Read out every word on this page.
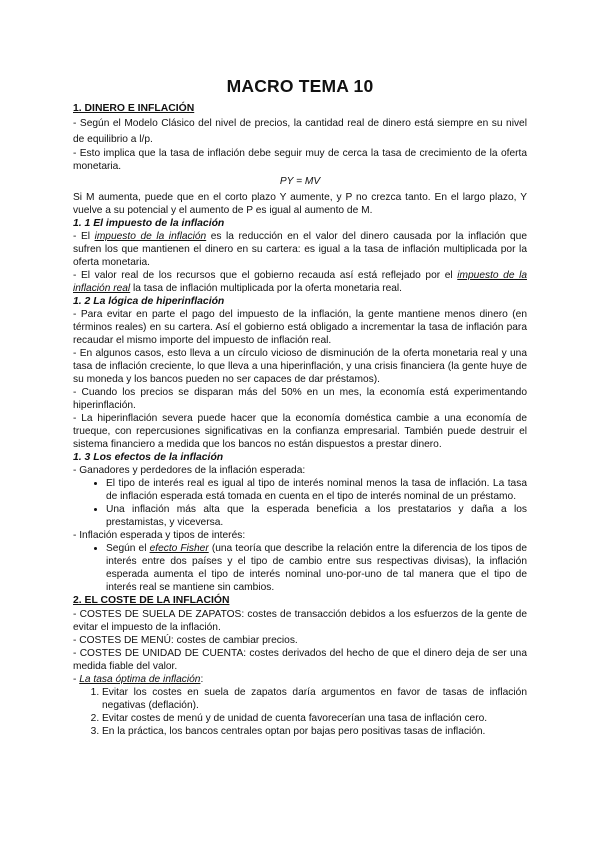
MACRO TEMA 10
1. DINERO E INFLACIÓN

- Según el Modelo Clásico del nivel de precios, la cantidad real de dinero está siempre en su nivel de equilibrio a l/p.

- Esto implica que la tasa de inflación debe seguir muy de cerca la tasa de crecimiento de la oferta monetaria.

PY = MV

Si M aumenta, puede que en el corto plazo Y aumente, y P no crezca tanto. En el largo plazo, Y vuelve a su potencial y el aumento de P es igual al aumento de M.

1. 1 El impuesto de la inflación

- El impuesto de la inflación es la reducción en el valor del dinero causada por la inflación que sufren los que mantienen el dinero en su cartera: es igual a la tasa de inflación multiplicada por la oferta monetaria.

- El valor real de los recursos que el gobierno recauda así está reflejado por el impuesto de la inflación real la tasa de inflación multiplicada por la oferta monetaria real.

1. 2 La lógica de hiperinflación

- Para evitar en parte el pago del impuesto de la inflación, la gente mantiene menos dinero (en términos reales) en su cartera. Así el gobierno está obligado a incrementar la tasa de inflación para recaudar el mismo importe del impuesto de inflación real.

- En algunos casos, esto lleva a un círculo vicioso de disminución de la oferta monetaria real y una tasa de inflación creciente, lo que lleva a una hiperinflación, y una crisis financiera (la gente huye de su moneda y los bancos pueden no ser capaces de dar préstamos).

- Cuando los precios se disparan más del 50% en un mes, la economía está experimentando hiperinflación.

- La hiperinflación severa puede hacer que la economía doméstica cambie a una economía de trueque, con repercusiones significativas en la confianza empresarial. También puede destruir el sistema financiero a medida que los bancos no están dispuestos a prestar dinero.

1. 3 Los efectos de la inflación

- Ganadores y perdedores de la inflación esperada:

• El tipo de interés real es igual al tipo de interés nominal menos la tasa de inflación. La tasa de inflación esperada está tomada en cuenta en el tipo de interés nominal de un préstamo.
• Una inflación más alta que la esperada beneficia a los prestatarios y daña a los prestamistas, y viceversa.

- Inflación esperada y tipos de interés:

• Según el efecto Fisher (una teoría que describe la relación entre la diferencia de los tipos de interés entre dos países y el tipo de cambio entre sus respectivas divisas), la inflación esperada aumenta el tipo de interés nominal uno-por-uno de tal manera que el tipo de interés real se mantiene sin cambios.
2. EL COSTE DE LA INFLACIÓN

- COSTES DE SUELA DE ZAPATOS: costes de transacción debidos a los esfuerzos de la gente de evitar el impuesto de la inflación.

- COSTES DE MENÚ: costes de cambiar precios.

- COSTES DE UNIDAD DE CUENTA: costes derivados del hecho de que el dinero deja de ser una medida fiable del valor.

- La tasa óptima de inflación:

1. Evitar los costes en suela de zapatos daría argumentos en favor de tasas de inflación negativas (deflación).
2. Evitar costes de menú y de unidad de cuenta favorecerían una tasa de inflación cero.
3. En la práctica, los bancos centrales optan por bajas pero positivas tasas de inflación.
